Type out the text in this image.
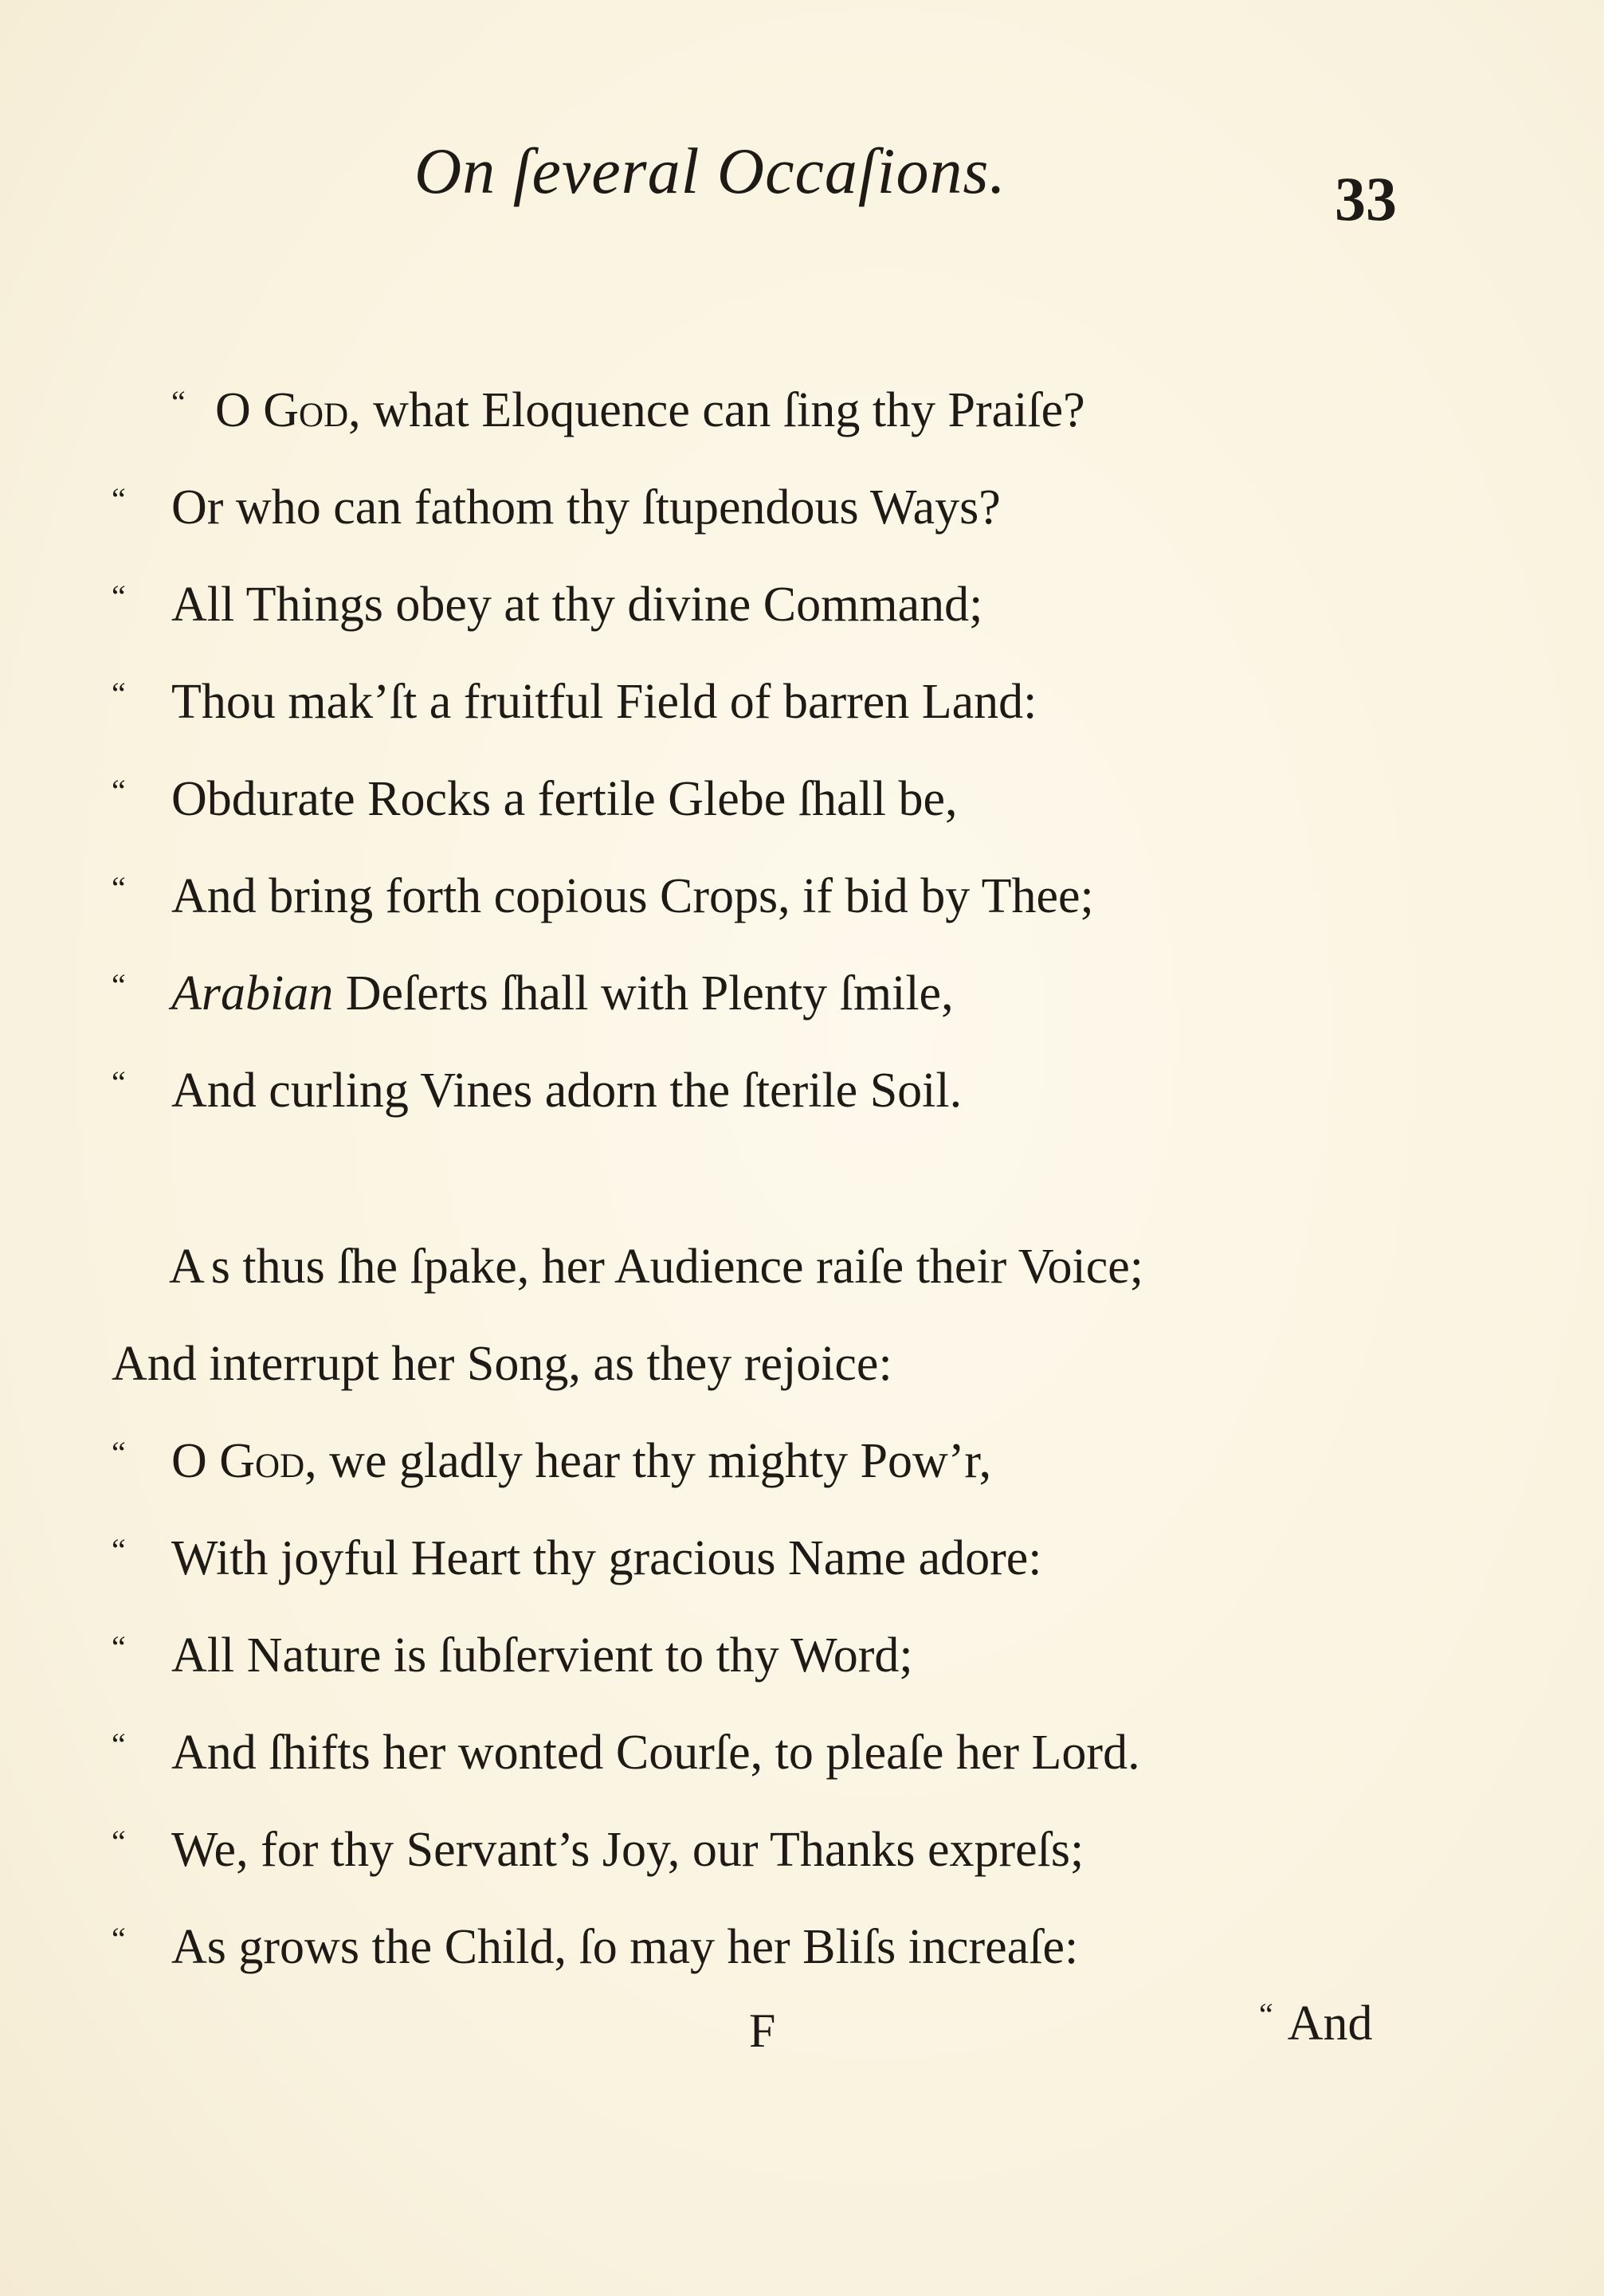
On ſeveral Occaſions.	33
“ O God, what Eloquence can ſing thy Praiſe?
“ Or who can fathom thy ſtupendous Ways?
“ All Things obey at thy divine Command;
“ Thou mak’ſt a fruitful Field of barren Land:
“ Obdurate Rocks a fertile Glebe ſhall be,
“ And bring forth copious Crops, if bid by Thee;
“ Arabian Deſerts ſhall with Plenty ſmile,
“ And curling Vines adorn the ſterile Soil.
As thus ſhe ſpake, her Audience raiſe their Voice;
And interrupt her Song, as they rejoice:
“ O God, we gladly hear thy mighty Pow’r,
“ With joyful Heart thy gracious Name adore:
“ All Nature is ſubſervient to thy Word;
“ And ſhifts her wonted Courſe, to pleaſe her Lord.
“ We, for thy Servant’s Joy, our Thanks expreſs;
“ As grows the Child, ſo may her Bliſs increaſe:
F	“ And
